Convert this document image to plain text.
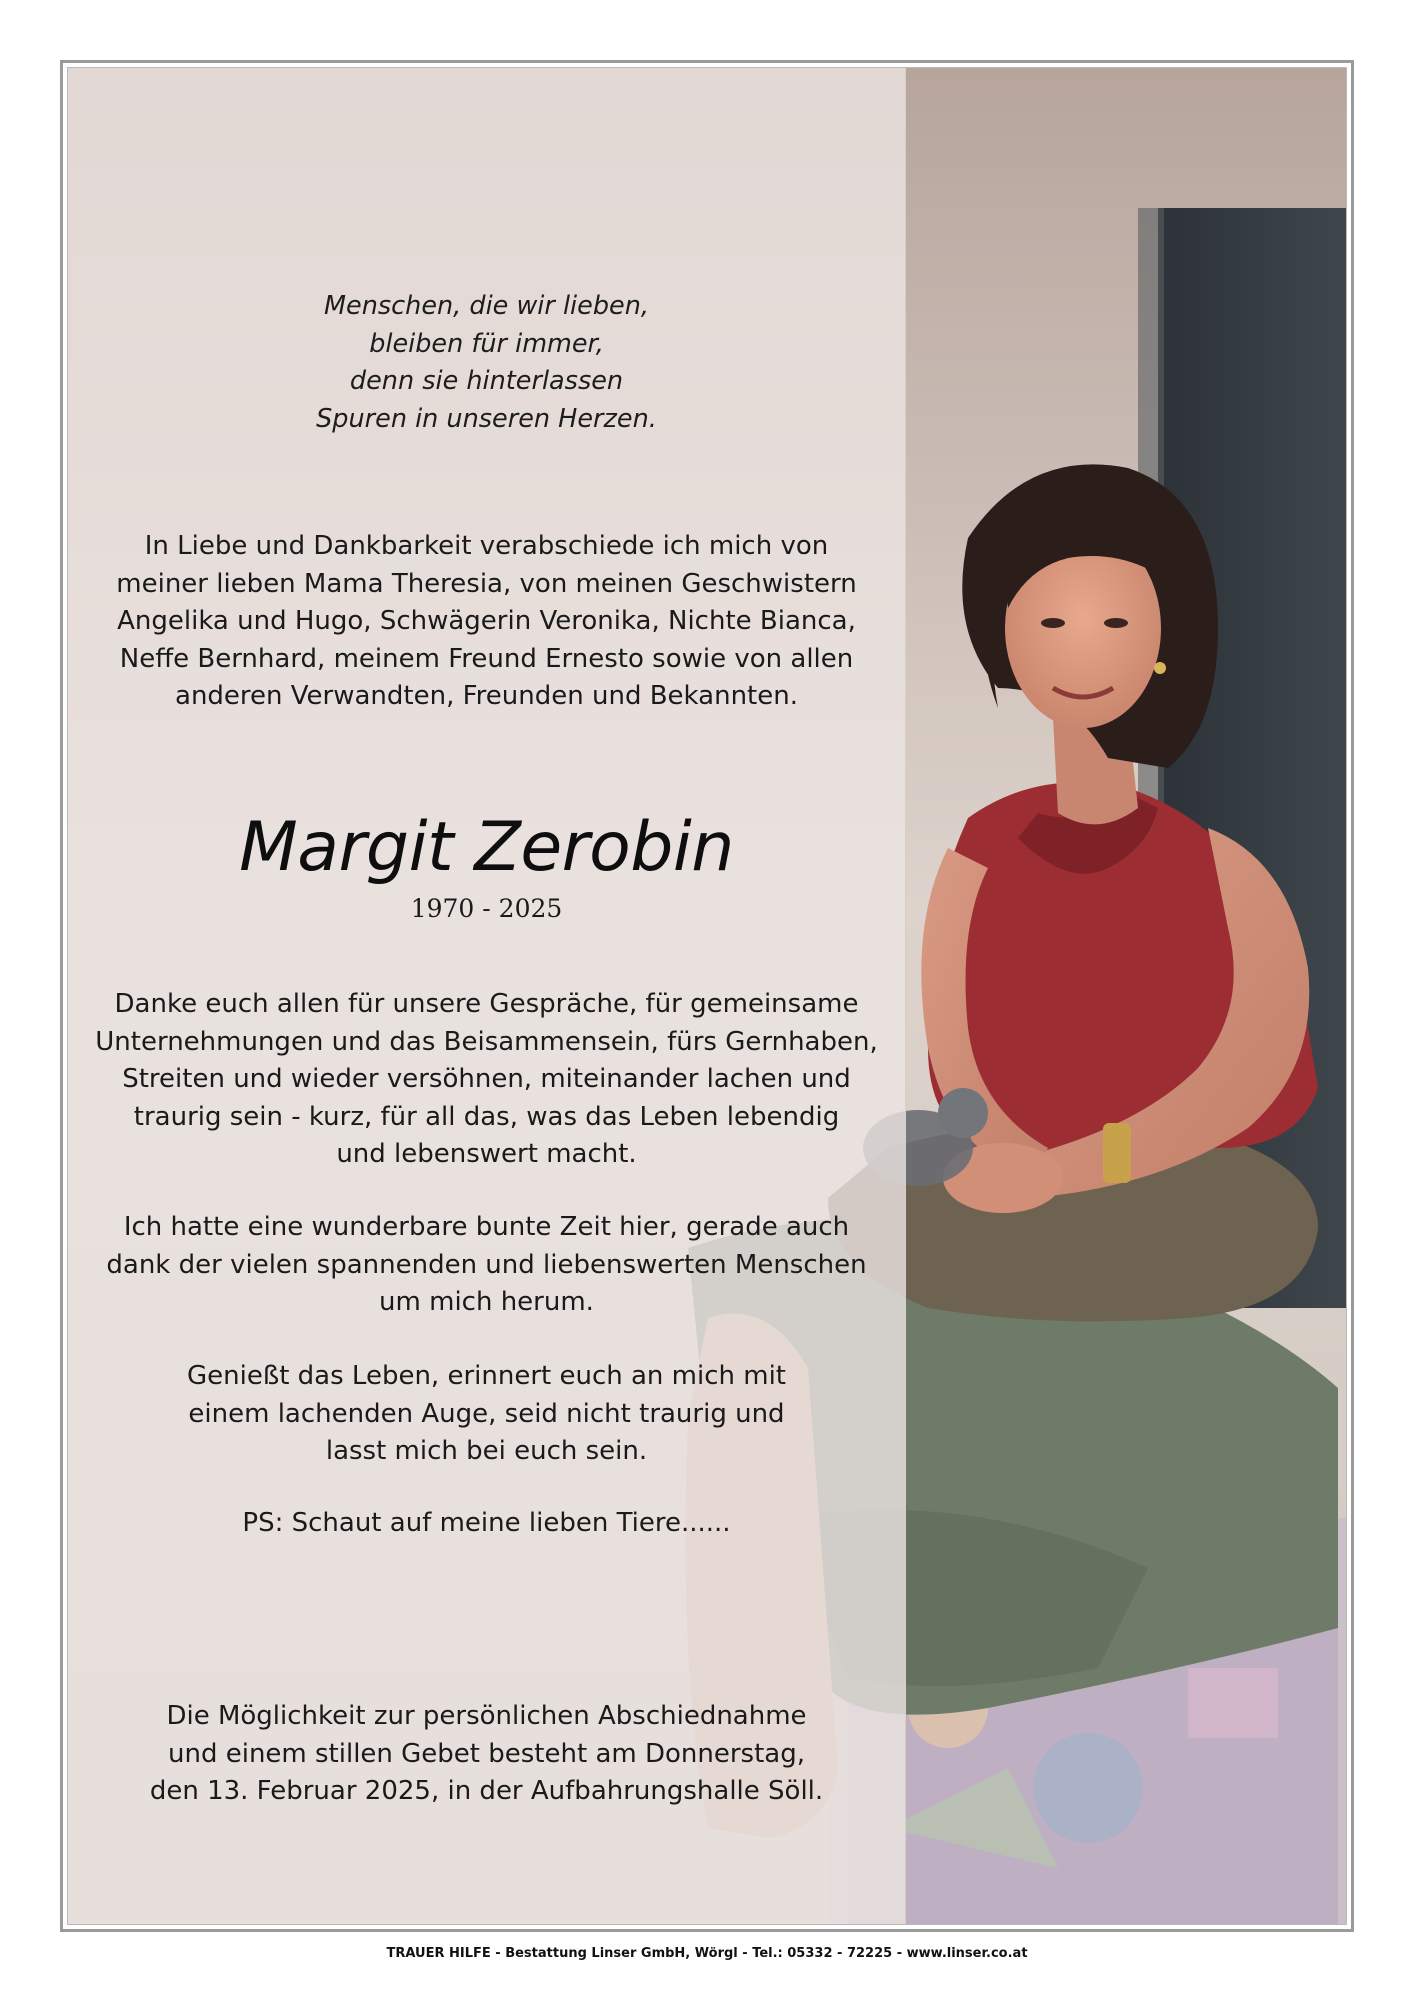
Menschen, die wir lieben,
bleiben für immer,
denn sie hinterlassen
Spuren in unseren Herzen.
In Liebe und Dankbarkeit verabschiede ich mich von
meiner lieben Mama Theresia, von meinen Geschwistern
Angelika und Hugo, Schwägerin Veronika, Nichte Bianca,
Neffe Bernhard, meinem Freund Ernesto sowie von allen
anderen Verwandten, Freunden und Bekannten.
Margit Zerobin
1970 - 2025
Danke euch allen für unsere Gespräche, für gemeinsame
Unternehmungen und das Beisammensein, fürs Gernhaben,
Streiten und wieder versöhnen, miteinander lachen und
traurig sein - kurz, für all das, was das Leben lebendig
und lebenswert macht.
Ich hatte eine wunderbare bunte Zeit hier, gerade auch
dank der vielen spannenden und liebenswerten Menschen
um mich herum.
Genießt das Leben, erinnert euch an mich mit
einem lachenden Auge, seid nicht traurig und
lasst mich bei euch sein.
PS: Schaut auf meine lieben Tiere......
Die Möglichkeit zur persönlichen Abschiednahme
und einem stillen Gebet besteht am Donnerstag,
den 13. Februar 2025, in der Aufbahrungshalle Söll.
TRAUER HILFE - Bestattung Linser GmbH, Wörgl - Tel.: 05332 - 72225 - www.linser.co.at
